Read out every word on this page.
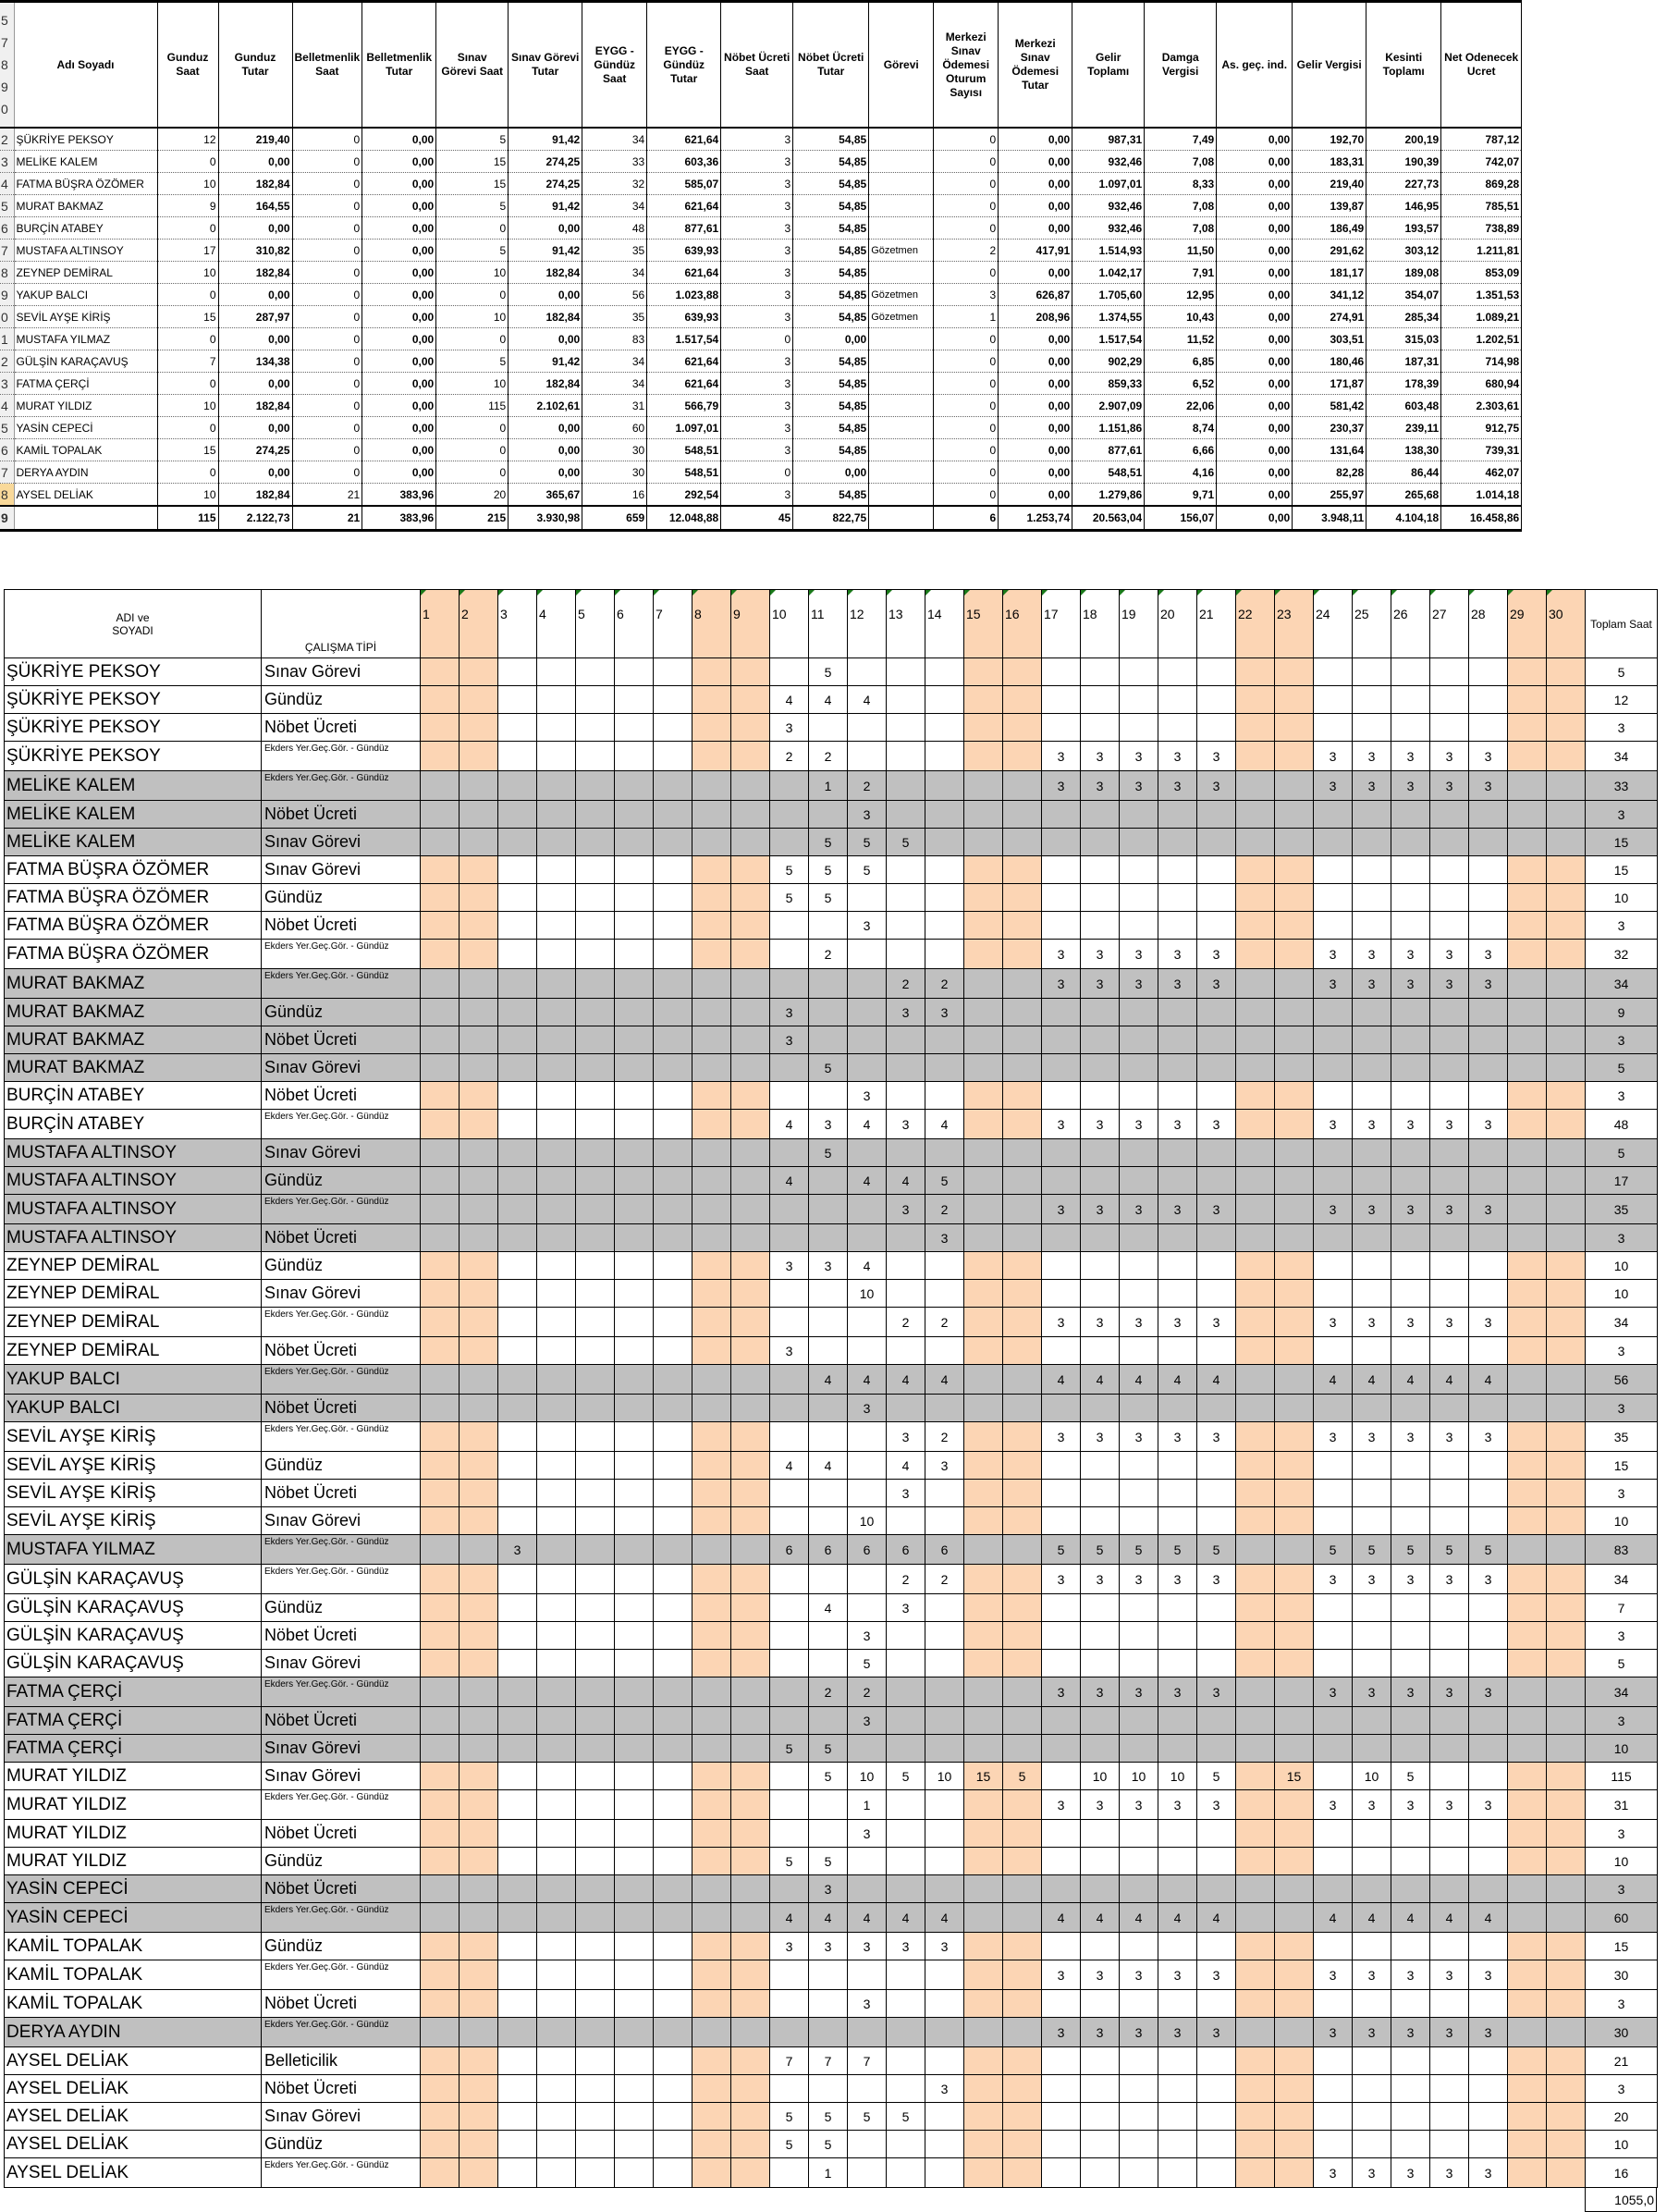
5
7
8
9
0	Adı Soyadı	Gunduz Saat	Gunduz Tutar	Belletmenlik Saat	Belletmenlik Tutar	Sınav Görevi Saat	Sınav Görevi Tutar	EYGG - Gündüz Saat	EYGG - Gündüz Tutar	Nöbet Ücreti Saat	Nöbet Ücreti Tutar	Görevi	Merkezi Sınav Ödemesi Oturum Sayısı	Merkezi Sınav Ödemesi Tutar	Gelir Toplamı	Damga Vergisi	As. geç. ind.	Gelir Vergisi	Kesinti Toplamı	Net Odenecek Ucret
2	ŞÜKRİYE PEKSOY	12	219,40	0	0,00	5	91,42	34	621,64	3	54,85		0	0,00	987,31	7,49	0,00	192,70	200,19	787,12
3	MELİKE KALEM	0	0,00	0	0,00	15	274,25	33	603,36	3	54,85		0	0,00	932,46	7,08	0,00	183,31	190,39	742,07
4	FATMA BÜŞRA ÖZÖMER	10	182,84	0	0,00	15	274,25	32	585,07	3	54,85		0	0,00	1.097,01	8,33	0,00	219,40	227,73	869,28
5	MURAT BAKMAZ	9	164,55	0	0,00	5	91,42	34	621,64	3	54,85		0	0,00	932,46	7,08	0,00	139,87	146,95	785,51
6	BURÇİN ATABEY	0	0,00	0	0,00	0	0,00	48	877,61	3	54,85		0	0,00	932,46	7,08	0,00	186,49	193,57	738,89
7	MUSTAFA ALTINSOY	17	310,82	0	0,00	5	91,42	35	639,93	3	54,85	Gözetmen	2	417,91	1.514,93	11,50	0,00	291,62	303,12	1.211,81
8	ZEYNEP DEMİRAL	10	182,84	0	0,00	10	182,84	34	621,64	3	54,85		0	0,00	1.042,17	7,91	0,00	181,17	189,08	853,09
9	YAKUP BALCI	0	0,00	0	0,00	0	0,00	56	1.023,88	3	54,85	Gözetmen	3	626,87	1.705,60	12,95	0,00	341,12	354,07	1.351,53
0	SEVİL AYŞE KİRİŞ	15	287,97	0	0,00	10	182,84	35	639,93	3	54,85	Gözetmen	1	208,96	1.374,55	10,43	0,00	274,91	285,34	1.089,21
1	MUSTAFA YILMAZ	0	0,00	0	0,00	0	0,00	83	1.517,54	0	0,00		0	0,00	1.517,54	11,52	0,00	303,51	315,03	1.202,51
2	GÜLŞİN KARAÇAVUŞ	7	134,38	0	0,00	5	91,42	34	621,64	3	54,85		0	0,00	902,29	6,85	0,00	180,46	187,31	714,98
3	FATMA ÇERÇİ	0	0,00	0	0,00	10	182,84	34	621,64	3	54,85		0	0,00	859,33	6,52	0,00	171,87	178,39	680,94
4	MURAT YILDIZ	10	182,84	0	0,00	115	2.102,61	31	566,79	3	54,85		0	0,00	2.907,09	22,06	0,00	581,42	603,48	2.303,61
5	YASİN CEPECİ	0	0,00	0	0,00	0	0,00	60	1.097,01	3	54,85		0	0,00	1.151,86	8,74	0,00	230,37	239,11	912,75
6	KAMİL TOPALAK	15	274,25	0	0,00	0	0,00	30	548,51	3	54,85		0	0,00	877,61	6,66	0,00	131,64	138,30	739,31
7	DERYA AYDIN	0	0,00	0	0,00	0	0,00	30	548,51	0	0,00		0	0,00	548,51	4,16	0,00	82,28	86,44	462,07
8	AYSEL DELİAK	10	182,84	21	383,96	20	365,67	16	292,54	3	54,85		0	0,00	1.279,86	9,71	0,00	255,97	265,68	1.014,18
9		115	2.122,73	21	383,96	215	3.930,98	659	12.048,88	45	822,75		6	1.253,74	20.563,04	156,07	0,00	3.948,11	4.104,18	16.458,86
ADI ve SOYADI	ÇALIŞMA TİPİ	1	2	3	4	5	6	7	8	9	10	11	12	13	14	15	16	17	18	19	20	21	22	23	24	25	26	27	28	29	30	Toplam Saat
ŞÜKRİYE PEKSOY	Sınav Görevi											5																				5
ŞÜKRİYE PEKSOY	Gündüz										4	4	4																			12
ŞÜKRİYE PEKSOY	Nöbet Ücreti										3																					3
ŞÜKRİYE PEKSOY	Ekders Yer.Geç.Gör. - Gündüz										2	2						3	3	3	3	3			3	3	3	3	3			34
MELİKE KALEM	Ekders Yer.Geç.Gör. - Gündüz											1	2					3	3	3	3	3			3	3	3	3	3			33
MELİKE KALEM	Nöbet Ücreti												3																			3
MELİKE KALEM	Sınav Görevi											5	5	5																		15
FATMA BÜŞRA ÖZÖMER	Sınav Görevi										5	5	5																			15
FATMA BÜŞRA ÖZÖMER	Gündüz										5	5																				10
FATMA BÜŞRA ÖZÖMER	Nöbet Ücreti												3																			3
FATMA BÜŞRA ÖZÖMER	Ekders Yer.Geç.Gör. - Gündüz											2						3	3	3	3	3			3	3	3	3	3			32
MURAT BAKMAZ	Ekders Yer.Geç.Gör. - Gündüz													2	2			3	3	3	3	3			3	3	3	3	3			34
MURAT BAKMAZ	Gündüz										3			3	3																	9
MURAT BAKMAZ	Nöbet Ücreti										3																					3
MURAT BAKMAZ	Sınav Görevi											5																				5
BURÇİN ATABEY	Nöbet Ücreti												3																			3
BURÇİN ATABEY	Ekders Yer.Geç.Gör. - Gündüz										4	3	4	3	4			3	3	3	3	3			3	3	3	3	3			48
MUSTAFA ALTINSOY	Sınav Görevi											5																				5
MUSTAFA ALTINSOY	Gündüz										4		4	4	5																	17
MUSTAFA ALTINSOY	Ekders Yer.Geç.Gör. - Gündüz													3	2			3	3	3	3	3			3	3	3	3	3			35
MUSTAFA ALTINSOY	Nöbet Ücreti														3																	3
ZEYNEP DEMİRAL	Gündüz										3	3	4																			10
ZEYNEP DEMİRAL	Sınav Görevi												10																			10
ZEYNEP DEMİRAL	Ekders Yer.Geç.Gör. - Gündüz													2	2			3	3	3	3	3			3	3	3	3	3			34
ZEYNEP DEMİRAL	Nöbet Ücreti										3																					3
YAKUP BALCI	Ekders Yer.Geç.Gör. - Gündüz											4	4	4	4			4	4	4	4	4			4	4	4	4	4			56
YAKUP BALCI	Nöbet Ücreti												3																			3
SEVİL AYŞE KİRİŞ	Ekders Yer.Geç.Gör. - Gündüz													3	2			3	3	3	3	3			3	3	3	3	3			35
SEVİL AYŞE KİRİŞ	Gündüz										4	4		4	3																	15
SEVİL AYŞE KİRİŞ	Nöbet Ücreti													3																		3
SEVİL AYŞE KİRİŞ	Sınav Görevi												10																			10
MUSTAFA YILMAZ	Ekders Yer.Geç.Gör. - Gündüz			3							6	6	6	6	6			5	5	5	5	5			5	5	5	5	5			83
GÜLŞİN KARAÇAVUŞ	Ekders Yer.Geç.Gör. - Gündüz													2	2			3	3	3	3	3			3	3	3	3	3			34
GÜLŞİN KARAÇAVUŞ	Gündüz											4		3																		7
GÜLŞİN KARAÇAVUŞ	Nöbet Ücreti												3																			3
GÜLŞİN KARAÇAVUŞ	Sınav Görevi												5																			5
FATMA ÇERÇİ	Ekders Yer.Geç.Gör. - Gündüz											2	2					3	3	3	3	3			3	3	3	3	3			34
FATMA ÇERÇİ	Nöbet Ücreti												3																			3
FATMA ÇERÇİ	Sınav Görevi										5	5																				10
MURAT YILDIZ	Sınav Görevi											5	10	5	10	15	5		10	10	10	5		15		10	5					115
MURAT YILDIZ	Ekders Yer.Geç.Gör. - Gündüz												1					3	3	3	3	3			3	3	3	3	3			31
MURAT YILDIZ	Nöbet Ücreti												3																			3
MURAT YILDIZ	Gündüz										5	5																				10
YASİN CEPECİ	Nöbet Ücreti											3																				3
YASİN CEPECİ	Ekders Yer.Geç.Gör. - Gündüz										4	4	4	4	4			4	4	4	4	4			4	4	4	4	4			60
KAMİL TOPALAK	Gündüz										3	3	3	3	3																	15
KAMİL TOPALAK	Ekders Yer.Geç.Gör. - Gündüz																	3	3	3	3	3			3	3	3	3	3			30
KAMİL TOPALAK	Nöbet Ücreti												3																			3
DERYA AYDIN	Ekders Yer.Geç.Gör. - Gündüz																	3	3	3	3	3			3	3	3	3	3			30
AYSEL DELİAK	Belleticilik										7	7	7																			21
AYSEL DELİAK	Nöbet Ücreti														3																	3
AYSEL DELİAK	Sınav Görevi										5	5	5	5																		20
AYSEL DELİAK	Gündüz										5	5																				10
AYSEL DELİAK	Ekders Yer.Geç.Gör. - Gündüz											1													3	3	3	3	3			16
1055,0
